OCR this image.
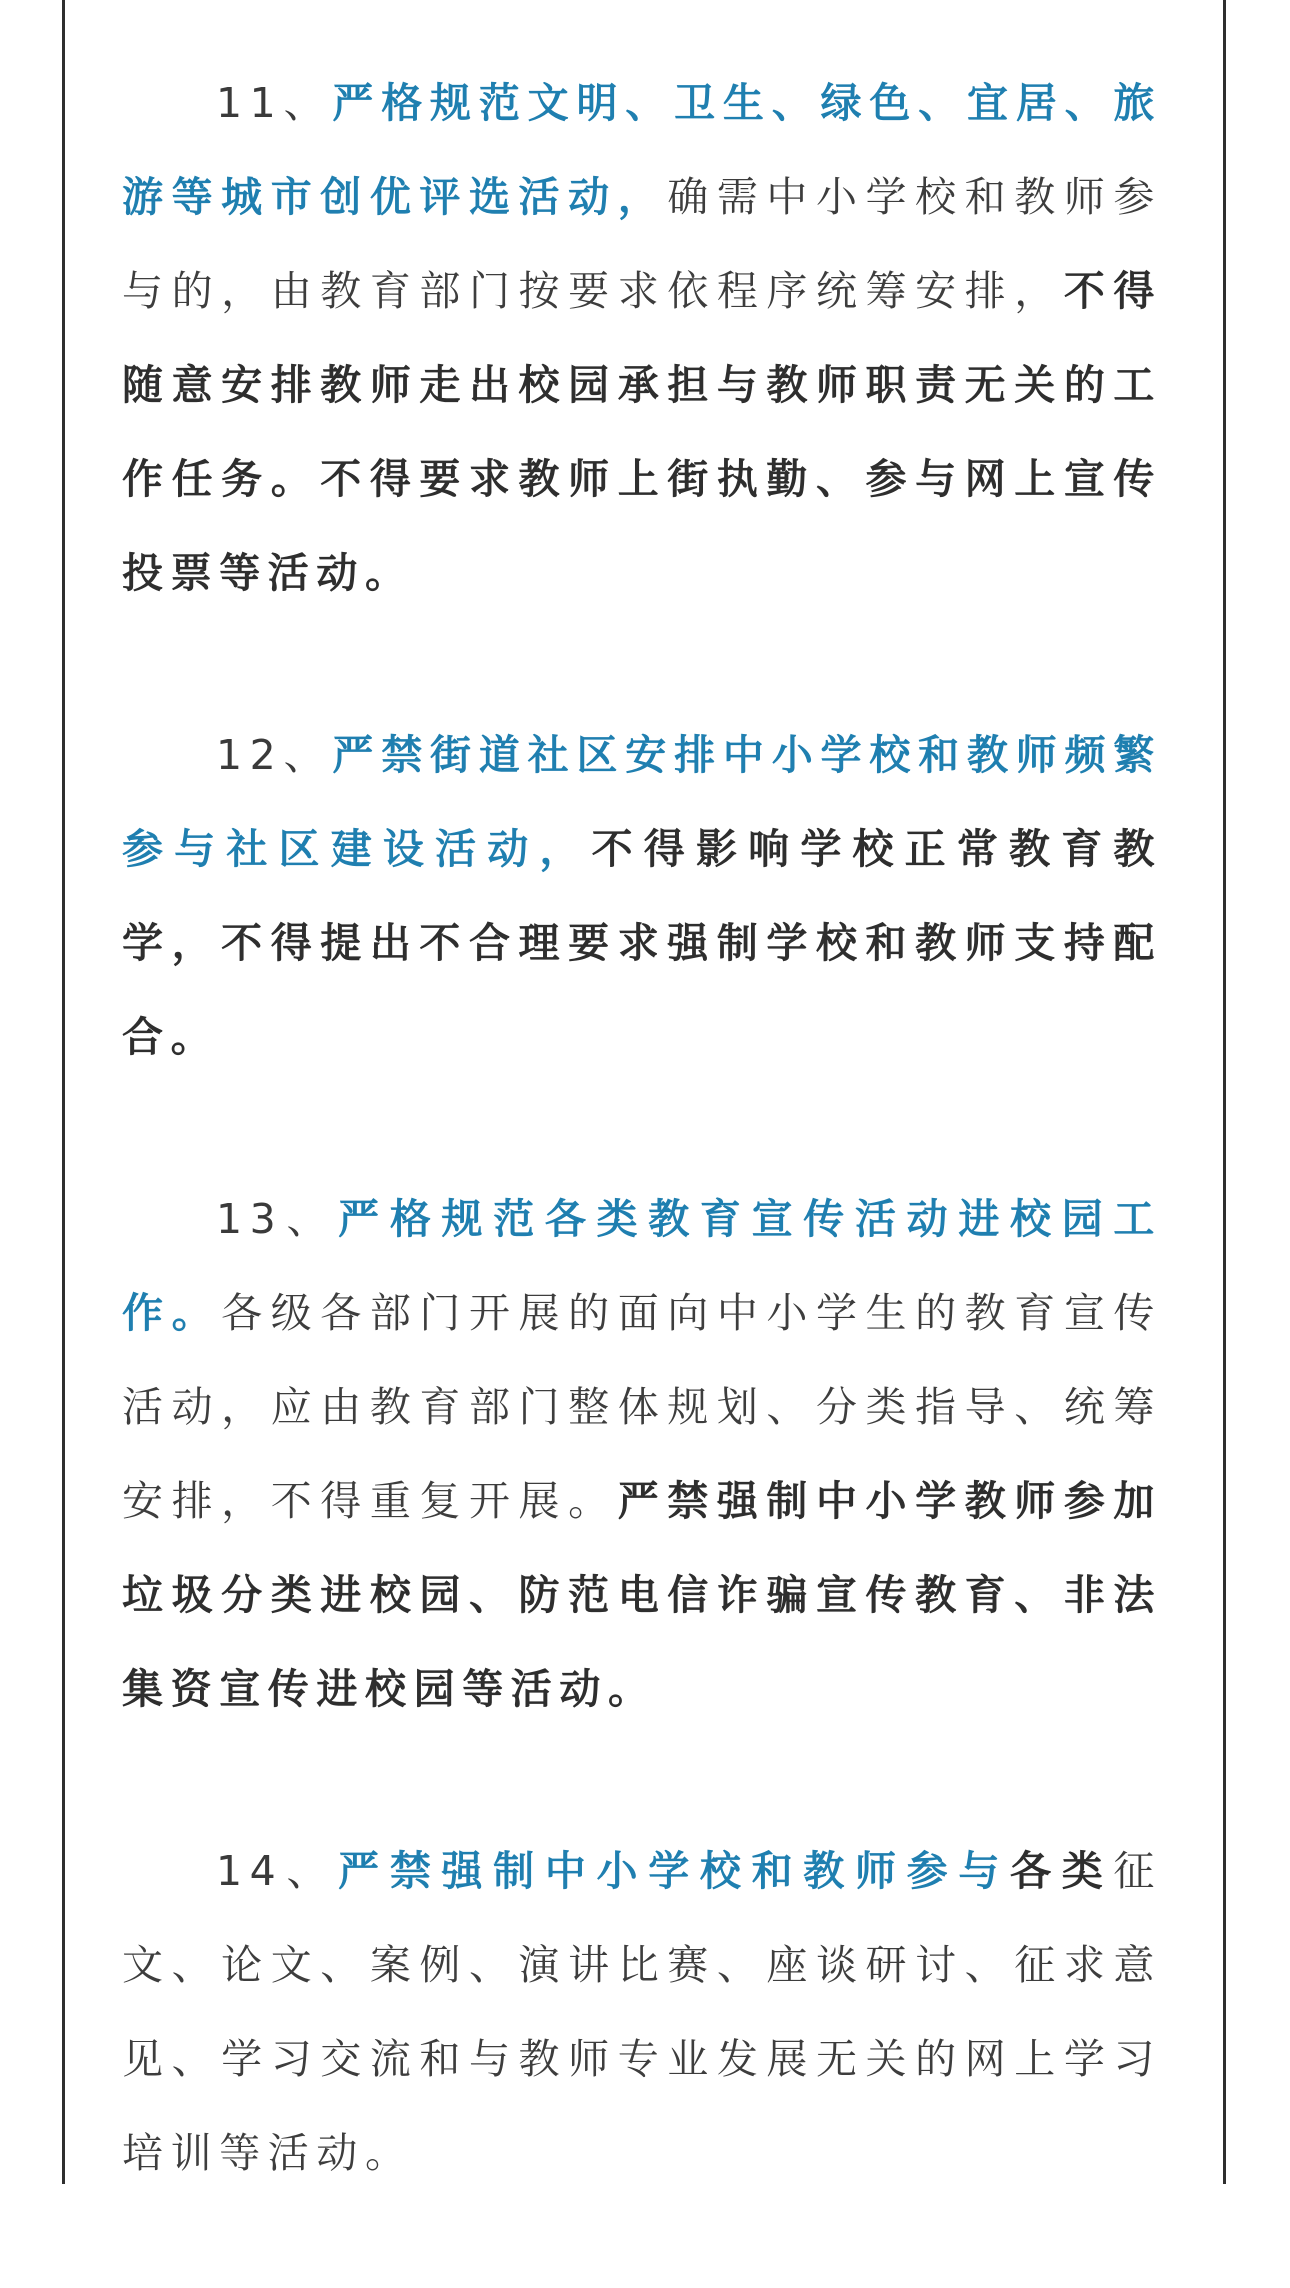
11、严格规范文明、卫生、绿色、宜居、旅游等城市创优评选活动，确需中小学校和教师参与的，由教育部门按要求依程序统筹安排，不得随意安排教师走出校园承担与教师职责无关的工作任务。不得要求教师上街执勤、参与网上宣传投票等活动。

12、严禁街道社区安排中小学校和教师频繁参与社区建设活动，不得影响学校正常教育教学，不得提出不合理要求强制学校和教师支持配合。

13、严格规范各类教育宣传活动进校园工作。各级各部门开展的面向中小学生的教育宣传活动，应由教育部门整体规划、分类指导、统筹安排，不得重复开展。严禁强制中小学教师参加垃圾分类进校园、防范电信诈骗宣传教育、非法集资宣传进校园等活动。

14、严禁强制中小学校和教师参与各类征文、论文、案例、演讲比赛、座谈研讨、征求意见、学习交流和与教师专业发展无关的网上学习培训等活动。
